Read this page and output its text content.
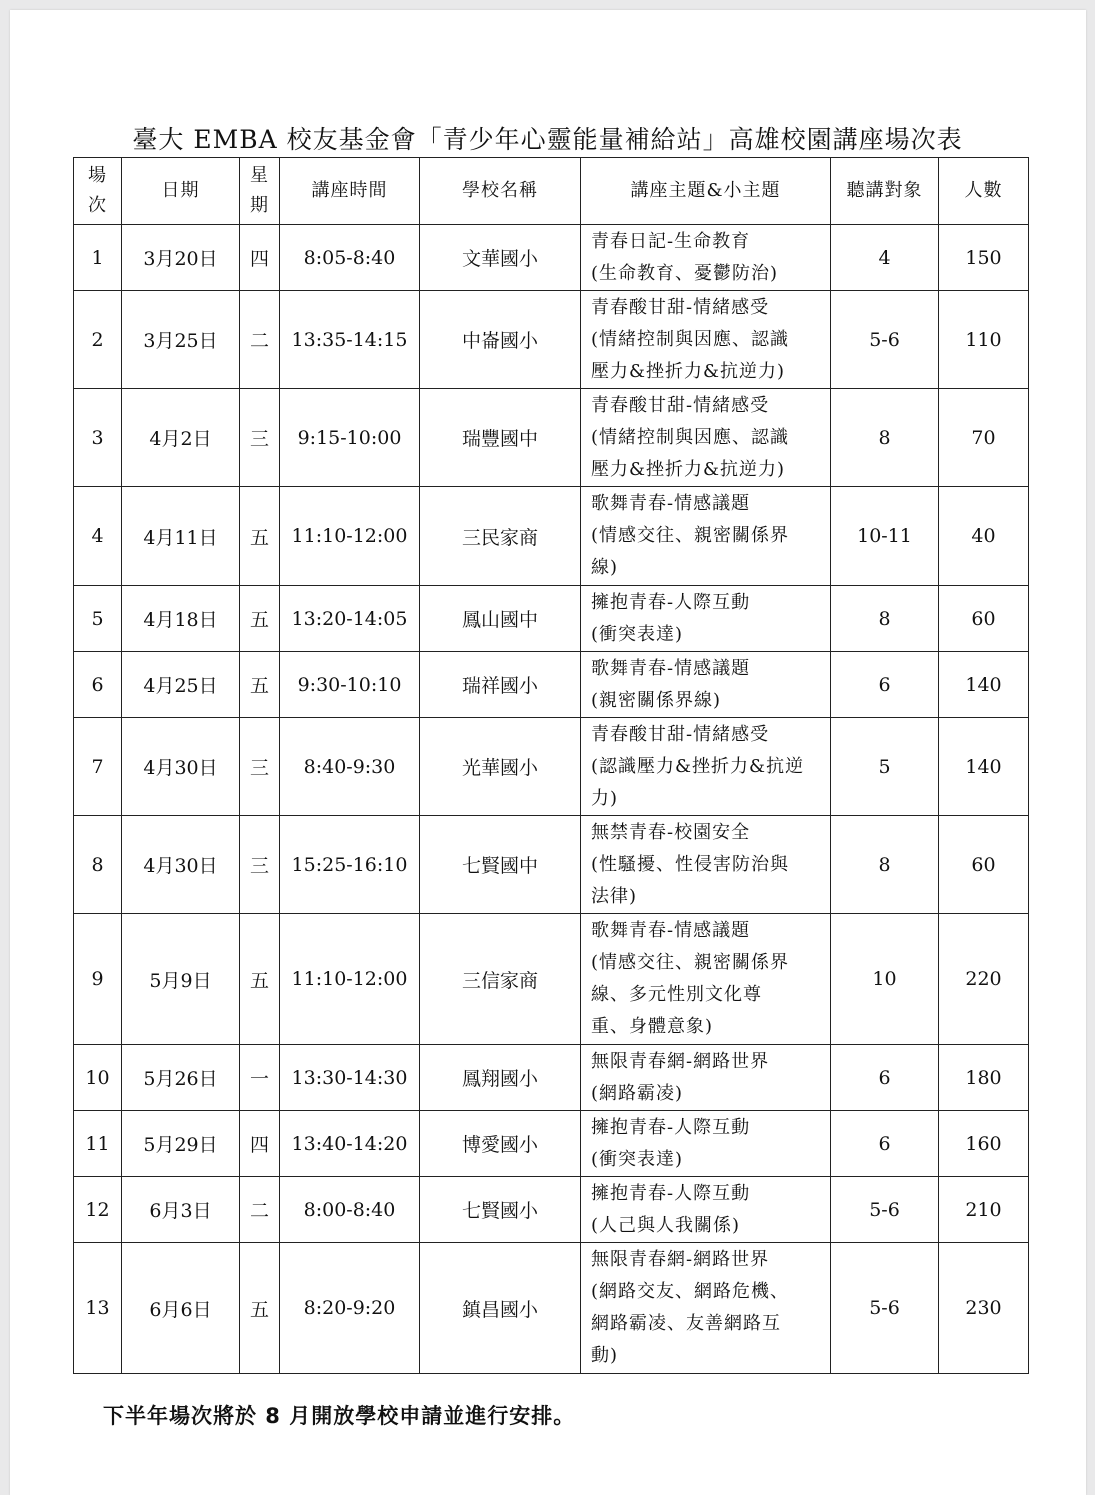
臺大 EMBA 校友基金會「青少年心靈能量補給站」高雄校園講座場次表
場
次	日期	星
期	講座時間	學校名稱	講座主題&小主題	聽講對象	人數
1	3月20日	四	8:05-8:40	文華國小	青春日記-生命教育
(生命教育、憂鬱防治)	4	150
2	3月25日	二	13:35-14:15	中崙國小	青春酸甘甜-情緒感受
(情緒控制與因應、認識
壓力&挫折力&抗逆力)	5-6	110
3	4月2日	三	9:15-10:00	瑞豐國中	青春酸甘甜-情緒感受
(情緒控制與因應、認識
壓力&挫折力&抗逆力)	8	70
4	4月11日	五	11:10-12:00	三民家商	歌舞青春-情感議題
(情感交往、親密關係界
線)	10-11	40
5	4月18日	五	13:20-14:05	鳳山國中	擁抱青春-人際互動
(衝突表達)	8	60
6	4月25日	五	9:30-10:10	瑞祥國小	歌舞青春-情感議題
(親密關係界線)	6	140
7	4月30日	三	8:40-9:30	光華國小	青春酸甘甜-情緒感受
(認識壓力&挫折力&抗逆
力)	5	140
8	4月30日	三	15:25-16:10	七賢國中	無禁青春-校園安全
(性騷擾、性侵害防治與
法律)	8	60
9	5月9日	五	11:10-12:00	三信家商	歌舞青春-情感議題
(情感交往、親密關係界
線、多元性別文化尊
重、身體意象)	10	220
10	5月26日	一	13:30-14:30	鳳翔國小	無限青春網-網路世界
(網路霸凌)	6	180
11	5月29日	四	13:40-14:20	博愛國小	擁抱青春-人際互動
(衝突表達)	6	160
12	6月3日	二	8:00-8:40	七賢國小	擁抱青春-人際互動
(人己與人我關係)	5-6	210
13	6月6日	五	8:20-9:20	鎮昌國小	無限青春網-網路世界
(網路交友、網路危機、
網路霸凌、友善網路互
動)	5-6	230
下半年場次將於 8 月開放學校申請並進行安排。
